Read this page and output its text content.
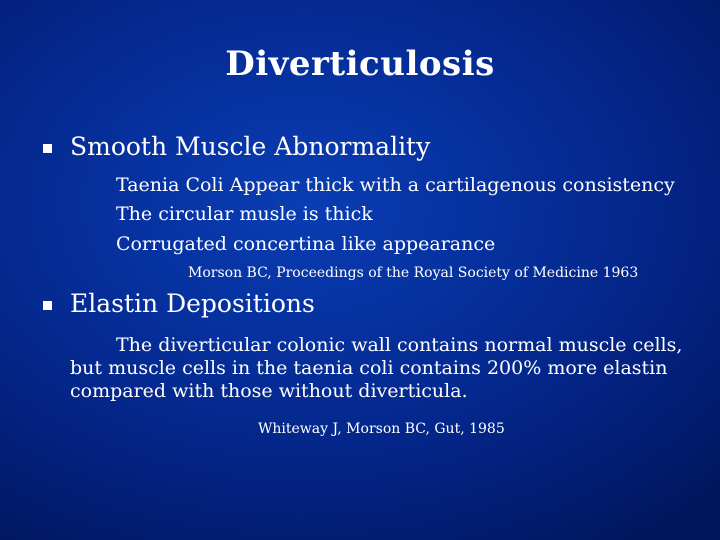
Diverticulosis
Smooth Muscle Abnormality
Taenia Coli Appear thick with a cartilagenous consistency
The circular musle is thick
Corrugated concertina like appearance
Morson BC, Proceedings of the Royal Society of Medicine 1963
Elastin Depositions
The diverticular colonic wall contains normal muscle cells,
but muscle cells in the taenia coli contains 200% more elastin
compared with those without diverticula.
Whiteway J, Morson BC, Gut, 1985
